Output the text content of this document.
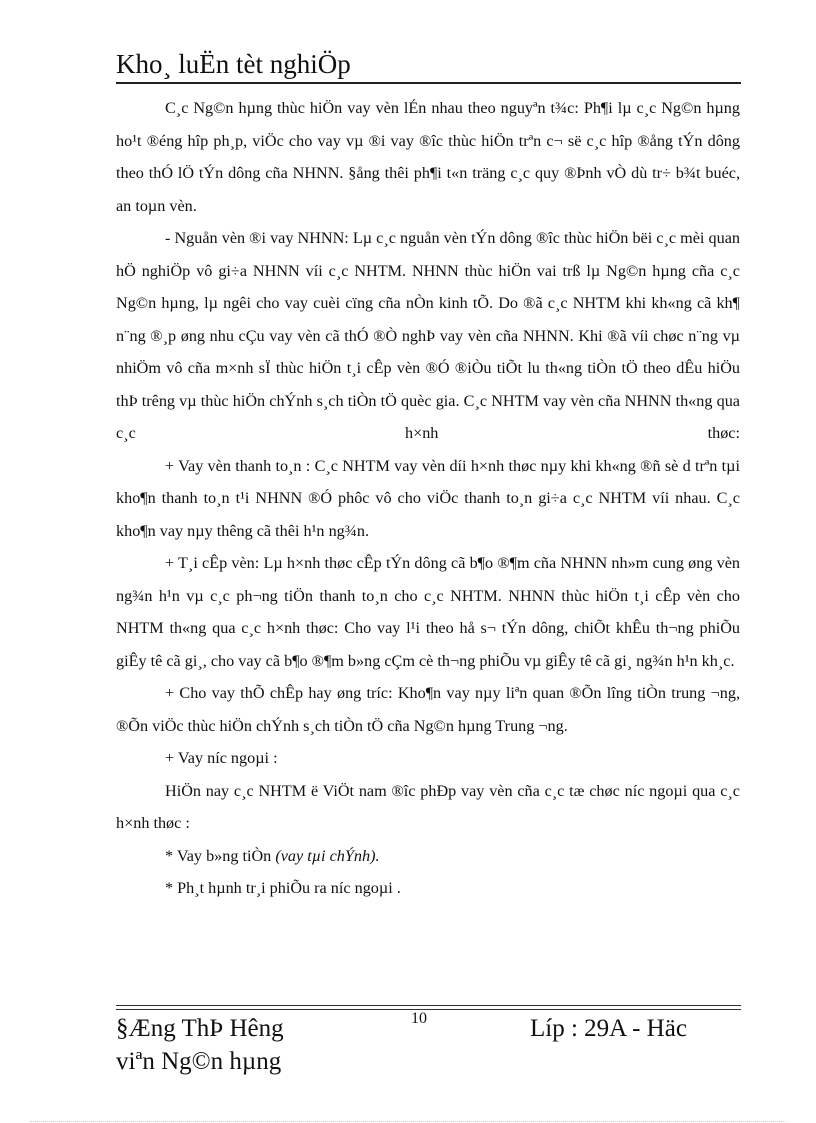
Kho¸ luËn tèt nghiÖp

C¸c Ng©n hµng thùc hiÖn vay vèn lÉn nhau theo nguyªn t¾c: Ph¶i lµ c¸c Ng©n hµng ho¹t ®éng hîp ph¸p, viÖc cho vay vµ ®i vay ®îc thùc hiÖn trªn c¬ së c¸c hîp ®ång tÝn dông theo thÓ lÖ tÝn dông cña NHNN. §ång thêi ph¶i t«n träng c¸c quy ®Þnh vÒ dù tr÷ b¾t buéc, an toµn vèn.

- Nguån vèn ®i vay NHNN: Lµ c¸c nguån vèn tÝn dông ®îc thùc hiÖn bëi c¸c mèi quan hÖ nghiÖp vô gi÷a NHNN víi c¸c NHTM. NHNN thùc hiÖn vai trß lµ Ng©n hµng cña c¸c Ng©n hµng, lµ ngêi cho vay cuèi cïng cña nÒn kinh tÕ. Do ®ã c¸c NHTM khi kh«ng cã kh¶ n¨ng ®¸p øng nhu cÇu vay vèn cã thÓ ®Ò nghÞ vay vèn cña NHNN. Khi ®ã víi chøc n¨ng vµ nhiÖm vô cña m×nh sÏ thùc hiÖn t¸i cÊp vèn ®Ó ®iÒu tiÕt lu th«ng tiÒn tÖ theo dÊu hiÖu thÞ trêng vµ thùc hiÖn chÝnh s¸ch tiÒn tÖ quèc gia. C¸c NHTM vay vèn cña NHNN th«ng qua c¸c h×nh thøc:

+ Vay vèn thanh to¸n : C¸c NHTM vay vèn díi h×nh thøc nµy khi kh«ng ®ñ sè d trªn tµi kho¶n thanh to¸n t¹i NHNN ®Ó phôc vô cho viÖc thanh to¸n gi÷a c¸c NHTM víi nhau. C¸c kho¶n vay nµy thêng cã thêi h¹n ng¾n.

+ T¸i cÊp vèn: Lµ h×nh thøc cÊp tÝn dông cã b¶o ®¶m cña NHNN nh»m cung øng vèn ng¾n h¹n vµ c¸c ph¬ng tiÖn thanh to¸n cho c¸c NHTM. NHNN thùc hiÖn t¸i cÊp vèn cho NHTM th«ng qua c¸c h×nh thøc: Cho vay l¹i theo hå s¬ tÝn dông, chiÕt khÊu th¬ng phiÕu giÊy tê cã gi¸, cho vay cã b¶o ®¶m b»ng cÇm cè th¬ng phiÕu vµ giÊy tê cã gi¸ ng¾n h¹n kh¸c.

+ Cho vay thÕ chÊp hay øng tríc: Kho¶n vay nµy liªn quan ®Õn lîng tiÒn trung ¬ng, ®Õn viÖc thùc hiÖn chÝnh s¸ch tiÒn tÖ cña Ng©n hµng Trung ¬ng.

+ Vay níc ngoµi :

HiÖn nay c¸c NHTM ë ViÖt nam ®îc phÐp vay vèn cña c¸c tæ chøc níc ngoµi qua c¸c h×nh thøc :

* Vay b»ng tiÒn (vay tµi chÝnh).

* Ph¸t hµnh tr¸i phiÕu ra níc ngoµi .

§Æng ThÞ Hêng
viªn Ng©n hµng
10	Líp : 29A - Häc
